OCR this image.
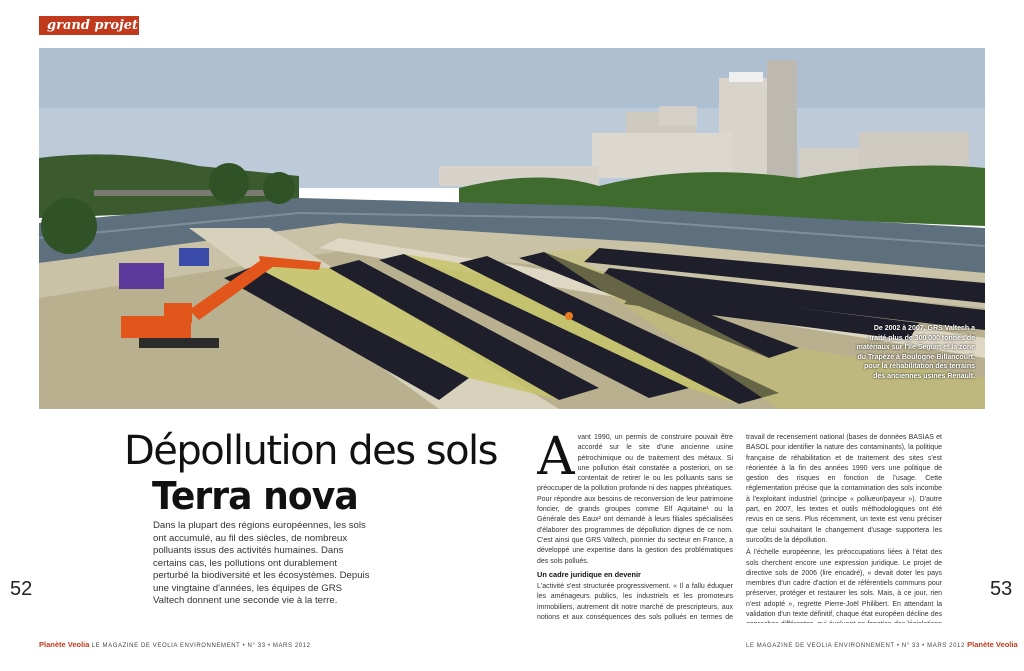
grand projet
De 2002 à 2007, GRS Valtech a traité plus de 300 000 tonnes de matériaux sur l'île Seguin et la zone du Trapèze à Boulogne-Billancourt, pour la réhabilitation des terrains des anciennes usines Renault.
Dépollution des sols
Terra nova

Dans la plupart des régions européennes, les sols ont accumulé, au fil des siècles, de nombreux polluants issus des activités humaines. Dans certains cas, les pollutions ont durablement perturbé la biodiversité et les écosystèmes. Depuis une vingtaine d'années, les équipes de GRS Valtech donnent une seconde vie à la terre.

52	53
A vant 1990, un permis de construire pouvait être accordé sur le site d'une ancienne usine pétrochimique ou de traitement des métaux. Si une pollution était constatée a posteriori, on se contentait de retirer le ou les polluants sans se préoccuper de la pollution profonde ni des nappes phréatiques. Pour répondre aux besoins de reconversion de leur patrimoine foncier, de grands groupes comme Elf Aquitaine¹ ou la Générale des Eaux² ont demandé à leurs filiales spécialisées d'élaborer des programmes de dépollution dignes de ce nom. C'est ainsi que GRS Valtech, pionnier du secteur en France, a développé une expertise dans la gestion des problématiques des sols pollués.

Un cadre juridique en devenir

L'activité s'est structurée progressivement. « Il a fallu éduquer les aménageurs publics, les industriels et les promoteurs immobiliers, autrement dit notre marché de prescripteurs, aux notions et aux conséquences des sols pollués en termes de

travail de recensement national (bases de données BASIAS et BASOL pour identifier la nature des contaminants), la politique française de réhabilitation et de traitement des sites s'est réorientée à la fin des années 1990 vers une politique de gestion des risques en fonction de l'usage. Cette réglementation précise que la contamination des sols incombe à l'exploitant industriel (principe « pollueur/payeur »). D'autre part, en 2007, les textes et outils méthodologiques ont été revus en ce sens. Plus récemment, un texte est venu préciser que celui souhaitant le changement d'usage supportera les surcoûts de la dépollution.

À l'échelle européenne, les préoccupations liées à l'état des sols cherchent encore une expression juridique. Le projet de directive sols de 2006 (lire encadré), « devait doter les pays membres d'un cadre d'action et de référentiels communs pour préserver, protéger et restaurer les sols. Mais, à ce jour, rien n'est adopté », regrette Pierre-Joël Philibert. En attendant la validation d'un texte définitif, chaque état européen décline des

Planète Veolia LE MAGAZINE DE VEOLIA ENVIRONNEMENT • N° 33 • MARS 2012	LE MAGAZINE DE VEOLIA ENVIRONNEMENT • N° 33 • MARS 2012 Planète Veolia
